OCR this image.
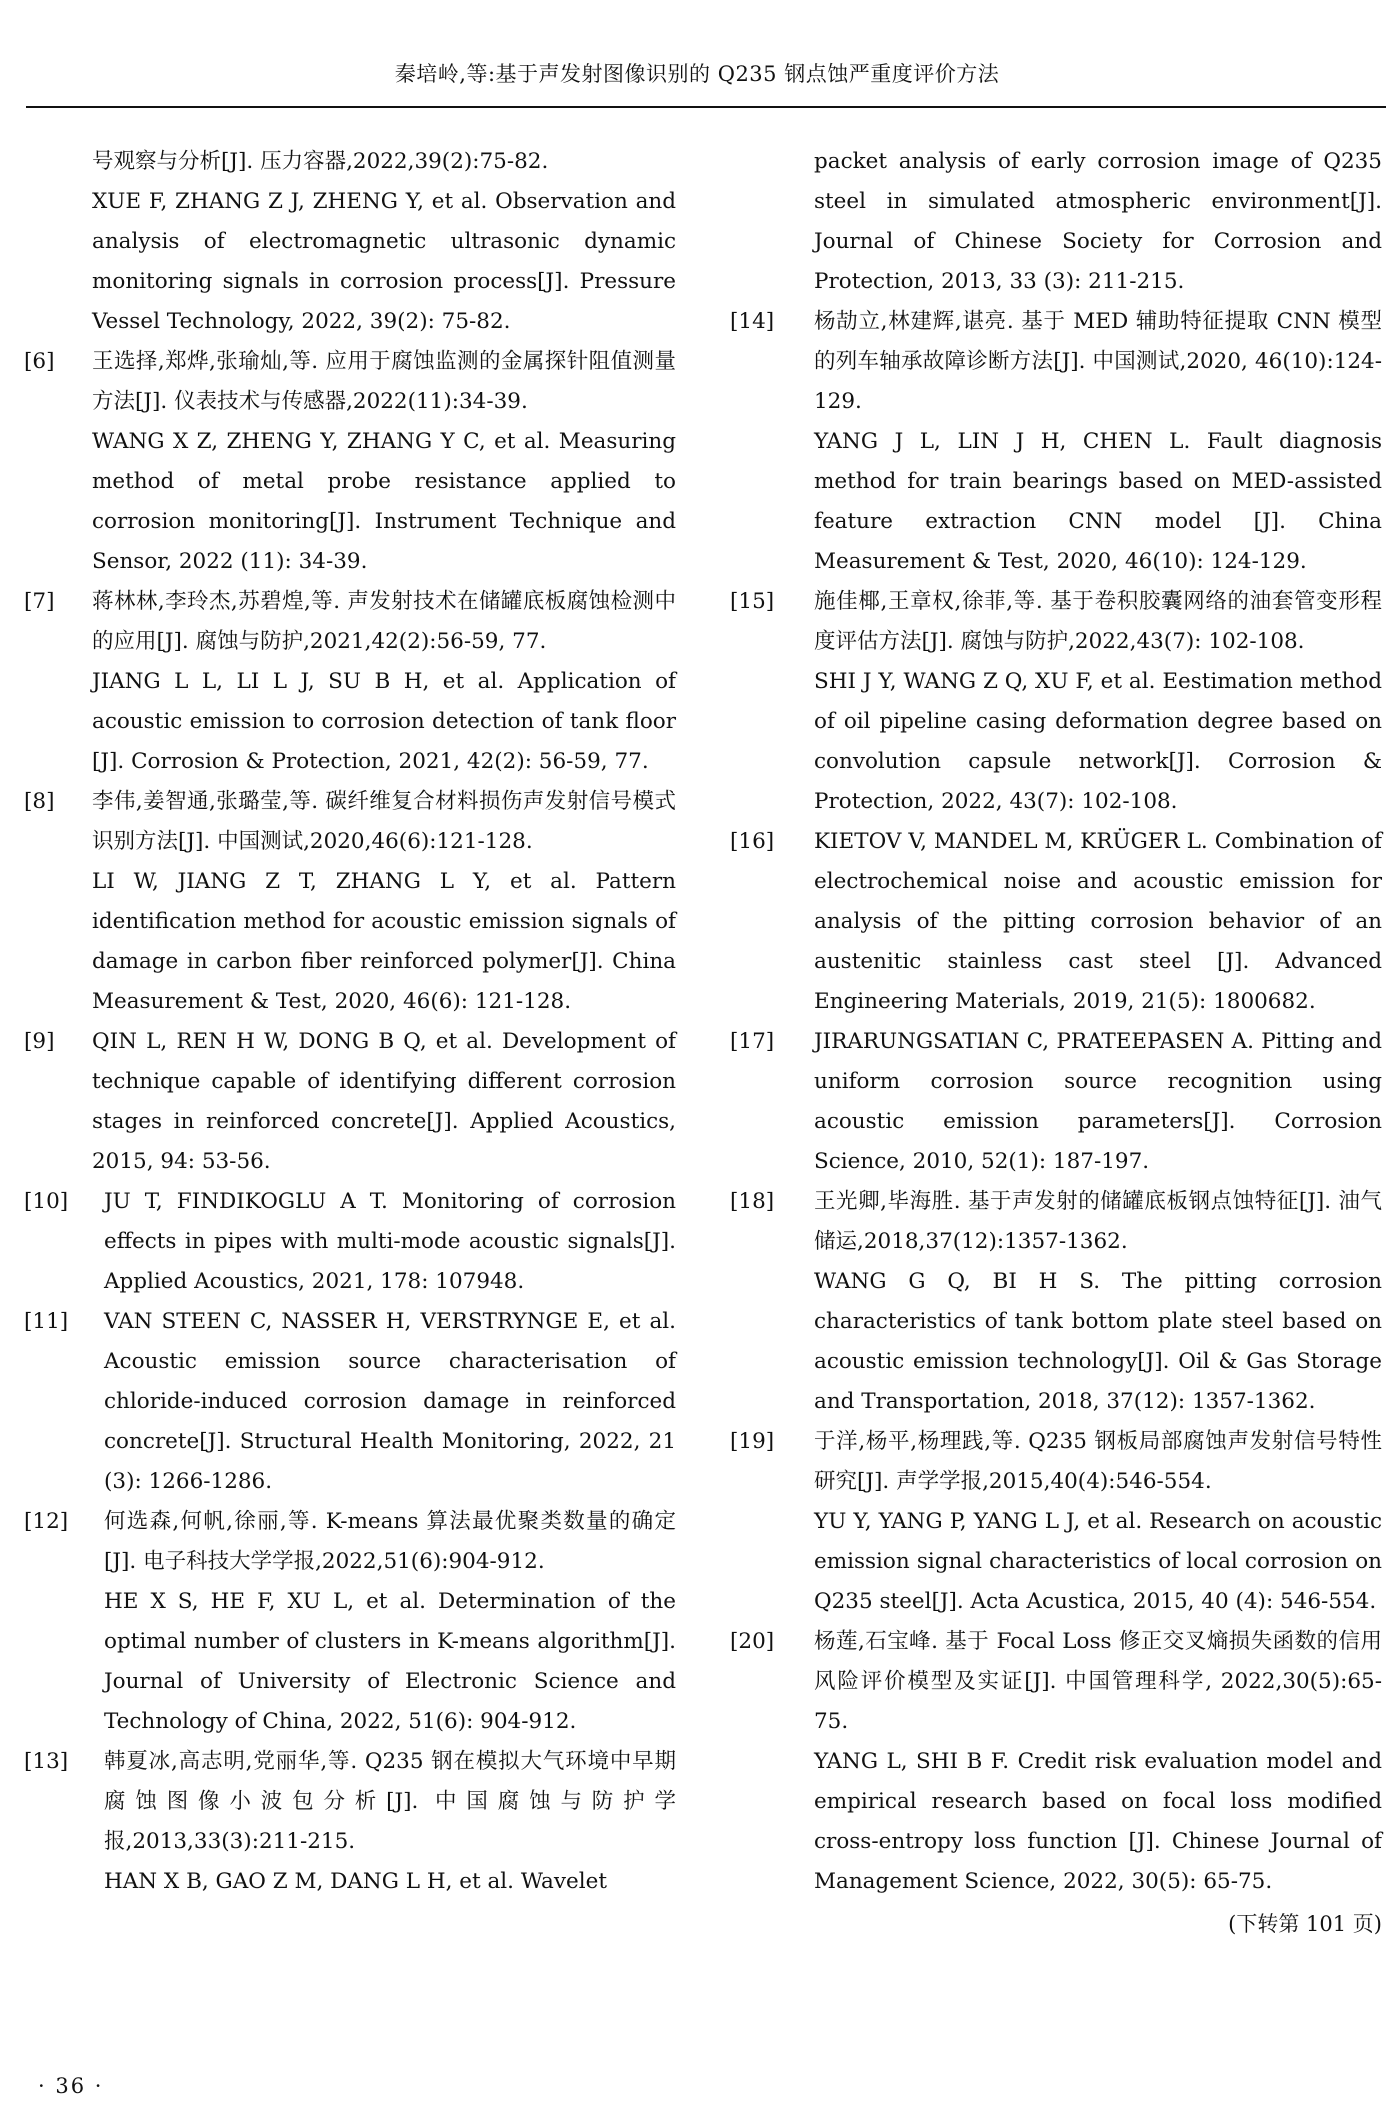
秦培岭,等:基于声发射图像识别的 Q235 钢点蚀严重度评价方法

号观察与分析[J]. 压力容器,2022,39(2):75-82.

XUE F, ZHANG Z J, ZHENG Y, et al. Observation and analysis of electromagnetic ultrasonic dynamic monitoring signals in corrosion process[J]. Pressure Vessel Technology, 2022, 39(2): 75-82.

[6]	王选择,郑烨,张瑜灿,等. 应用于腐蚀监测的金属探针阻值测量方法[J]. 仪表技术与传感器,2022(11):34-39.

WANG X Z, ZHENG Y, ZHANG Y C, et al. Measuring method of metal probe resistance applied to corrosion monitoring[J]. Instrument Technique and Sensor, 2022 (11): 34-39.

[7]	蒋林林,李玲杰,苏碧煌,等. 声发射技术在储罐底板腐蚀检测中的应用[J]. 腐蚀与防护,2021,42(2):56-59, 77.

JIANG L L, LI L J, SU B H, et al. Application of acoustic emission to corrosion detection of tank floor [J]. Corrosion & Protection, 2021, 42(2): 56-59, 77.

[8]	李伟,姜智通,张璐莹,等. 碳纤维复合材料损伤声发射信号模式识别方法[J]. 中国测试,2020,46(6):121-128.

LI W, JIANG Z T, ZHANG L Y, et al. Pattern identification method for acoustic emission signals of damage in carbon fiber reinforced polymer[J]. China Measurement & Test, 2020, 46(6): 121-128.

[9]	QIN L, REN H W, DONG B Q, et al. Development of technique capable of identifying different corrosion stages in reinforced concrete[J]. Applied Acoustics, 2015, 94: 53-56.

[10]	JU T, FINDIKOGLU A T. Monitoring of corrosion effects in pipes with multi-mode acoustic signals[J]. Applied Acoustics, 2021, 178: 107948.

[11]	VAN STEEN C, NASSER H, VERSTRYNGE E, et al. Acoustic emission source characterisation of chloride-induced corrosion damage in reinforced concrete[J]. Structural Health Monitoring, 2022, 21 (3): 1266-1286.

[12]	何选森,何帆,徐丽,等. K-means 算法最优聚类数量的确定[J]. 电子科技大学学报,2022,51(6):904-912.

HE X S, HE F, XU L, et al. Determination of the optimal number of clusters in K-means algorithm[J]. Journal of University of Electronic Science and Technology of China, 2022, 51(6): 904-912.

[13]	韩夏冰,高志明,党丽华,等. Q235 钢在模拟大气环境中早期腐蚀图像小波包分析[J]. 中国腐蚀与防护学报,2013,33(3):211-215.

HAN X B, GAO Z M, DANG L H, et al. Wavelet

packet analysis of early corrosion image of Q235 steel in simulated atmospheric environment[J]. Journal of Chinese Society for Corrosion and Protection, 2013, 33 (3): 211-215.

[14]	杨劼立,林建辉,谌亮. 基于 MED 辅助特征提取 CNN 模型的列车轴承故障诊断方法[J]. 中国测试,2020, 46(10):124-129.

YANG J L, LIN J H, CHEN L. Fault diagnosis method for train bearings based on MED-assisted feature extraction CNN model [J]. China Measurement & Test, 2020, 46(10): 124-129.

[15]	施佳椰,王章权,徐菲,等. 基于卷积胶囊网络的油套管变形程度评估方法[J]. 腐蚀与防护,2022,43(7): 102-108.

SHI J Y, WANG Z Q, XU F, et al. Eestimation method of oil pipeline casing deformation degree based on convolution capsule network[J]. Corrosion & Protection, 2022, 43(7): 102-108.

[16]	KIETOV V, MANDEL M, KRÜGER L. Combination of electrochemical noise and acoustic emission for analysis of the pitting corrosion behavior of an austenitic stainless cast steel [J]. Advanced Engineering Materials, 2019, 21(5): 1800682.

[17]	JIRARUNGSATIAN C, PRATEEPASEN A. Pitting and uniform corrosion source recognition using acoustic emission parameters[J]. Corrosion Science, 2010, 52(1): 187-197.

[18]	王光卿,毕海胜. 基于声发射的储罐底板钢点蚀特征[J]. 油气储运,2018,37(12):1357-1362.

WANG G Q, BI H S. The pitting corrosion characteristics of tank bottom plate steel based on acoustic emission technology[J]. Oil & Gas Storage and Transportation, 2018, 37(12): 1357-1362.

[19]	于洋,杨平,杨理践,等. Q235 钢板局部腐蚀声发射信号特性研究[J]. 声学学报,2015,40(4):546-554.

YU Y, YANG P, YANG L J, et al. Research on acoustic emission signal characteristics of local corrosion on Q235 steel[J]. Acta Acustica, 2015, 40 (4): 546-554.

[20]	杨莲,石宝峰. 基于 Focal Loss 修正交叉熵损失函数的信用风险评价模型及实证[J]. 中国管理科学, 2022,30(5):65-75.

YANG L, SHI B F. Credit risk evaluation model and empirical research based on focal loss modified cross-entropy loss function [J]. Chinese Journal of Management Science, 2022, 30(5): 65-75.

(下转第 101 页)
· 36 ·
